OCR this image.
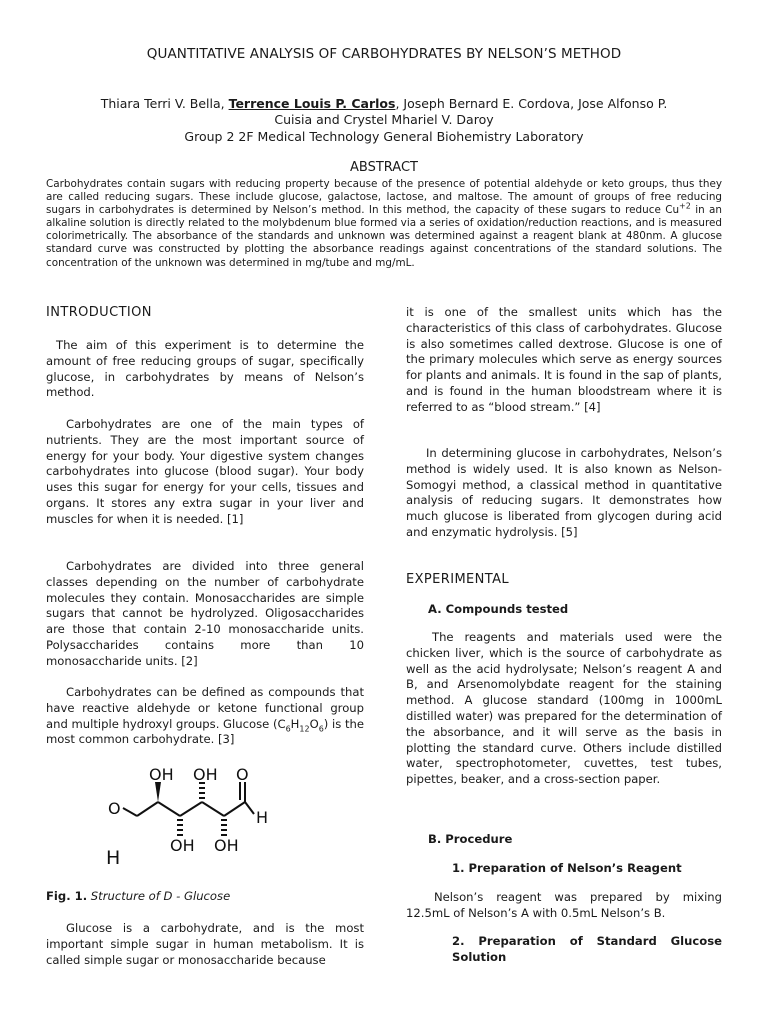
QUANTITATIVE ANALYSIS OF CARBOHYDRATES BY NELSON’S METHOD
Thiara Terri V. Bella, Terrence Louis P. Carlos, Joseph Bernard E. Cordova, Jose Alfonso P. Cuisia and Crystel Mhariel V. Daroy
Group 2 2F Medical Technology General Biohemistry Laboratory
ABSTRACT

Carbohydrates contain sugars with reducing property because of the presence of potential aldehyde or keto groups, thus they are called reducing sugars. These include glucose, galactose, lactose, and maltose. The amount of groups of free reducing sugars in carbohydrates is determined by Nelson’s method. In this method, the capacity of these sugars to reduce $Cu^{+2}$ in an alkaline solution is directly related to the molybdenum blue formed via a series of oxidation/reduction reactions, and is measured colorimetrically. The absorbance of the standards and unknown was determined against a reagent blank at 480nm. A glucose standard curve was constructed by plotting the absorbance readings against concentrations of the standard solutions. The concentration of the unknown was determined in mg/tube and mg/mL.

INTRODUCTION

The aim of this experiment is to determine the amount of free reducing groups of sugar, specifically glucose, in carbohydrates by means of Nelson’s method.

Carbohydrates are one of the main types of nutrients. They are the most important source of energy for your body. Your digestive system changes carbohydrates into glucose (blood sugar). Your body uses this sugar for energy for your cells, tissues and organs. It stores any extra sugar in your liver and muscles for when it is needed. [1]

Carbohydrates are divided into three general classes depending on the number of carbohydrate molecules they contain. Monosaccharides are simple sugars that cannot be hydrolyzed. Oligosaccharides are those that contain 2-10 monosaccharide units. Polysaccharides contains more than 10 monosaccharide units. [2]

Carbohydrates can be defined as compounds that have reactive aldehyde or ketone functional group and multiple hydroxyl groups. Glucose $(C_6H_{12}O_6)$ is the most common carbohydrate. [3]

OH OH O
O	H
OH OH
H
Fig. 1. Structure of D - Glucose

Glucose is a carbohydrate, and is the most important simple sugar in human metabolism. It is called simple sugar or monosaccharide because

it is one of the smallest units which has the characteristics of this class of carbohydrates. Glucose is also sometimes called dextrose. Glucose is one of the primary molecules which serve as energy sources for plants and animals. It is found in the sap of plants, and is found in the human bloodstream where it is referred to as “blood stream.” [4]

In determining glucose in carbohydrates, Nelson’s method is widely used. It is also known as Nelson-Somogyi method, a classical method in quantitative analysis of reducing sugars. It demonstrates how much glucose is liberated from glycogen during acid and enzymatic hydrolysis. [5]

EXPERIMENTAL
A. Compounds tested

The reagents and materials used were the chicken liver, which is the source of carbohydrate as well as the acid hydrolysate; Nelson’s reagent A and B, and Arsenomolybdate reagent for the staining method. A glucose standard (100mg in 1000mL distilled water) was prepared for the determination of the absorbance, and it will serve as the basis in plotting the standard curve. Others include distilled water, spectrophotometer, cuvettes, test tubes, pipettes, beaker, and a cross-section paper.

B. Procedure
1. Preparation of Nelson’s Reagent

Nelson’s reagent was prepared by mixing 12.5mL of Nelson’s A with 0.5mL Nelson’s B.

2. Preparation of Standard Glucose Solution
